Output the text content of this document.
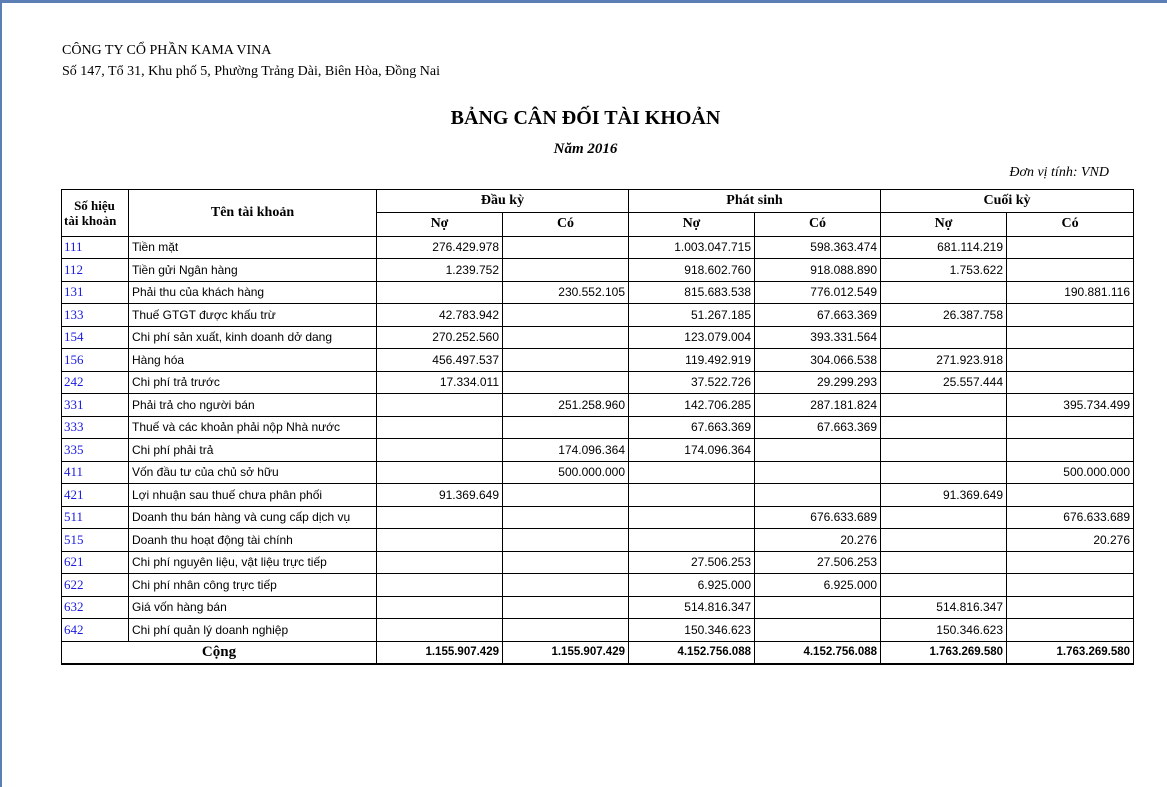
CÔNG TY CỔ PHẦN KAMA VINA
Số 147, Tổ 31, Khu phố 5, Phường Trảng Dài, Biên Hòa, Đồng Nai
BẢNG CÂN ĐỐI TÀI KHOẢN
Năm 2016
Đơn vị tính: VND
Số hiệu
tài khoản	Tên tài khoản	Đầu kỳ		Phát sinh		Cuối kỳ	
		Nợ	Có	Nợ	Có	Nợ	Có
111	Tiền mặt	276.429.978		1.003.047.715	598.363.474	681.114.219	
112	Tiền gửi Ngân hàng	1.239.752		918.602.760	918.088.890	1.753.622	
131	Phải thu của khách hàng		230.552.105	815.683.538	776.012.549		190.881.116
133	Thuế GTGT được khấu trừ	42.783.942		51.267.185	67.663.369	26.387.758	
154	Chi phí sản xuất, kinh doanh dở dang	270.252.560		123.079.004	393.331.564		
156	Hàng hóa	456.497.537		119.492.919	304.066.538	271.923.918	
242	Chi phí trả trước	17.334.011		37.522.726	29.299.293	25.557.444	
331	Phải trả cho người bán		251.258.960	142.706.285	287.181.824		395.734.499
333	Thuế và các khoản phải nộp Nhà nước			67.663.369	67.663.369		
335	Chi phí phải trả		174.096.364	174.096.364			
411	Vốn đầu tư của chủ sở hữu		500.000.000				500.000.000
421	Lợi nhuận sau thuế chưa phân phối	91.369.649				91.369.649	
511	Doanh thu bán hàng và cung cấp dịch vụ				676.633.689		676.633.689
515	Doanh thu hoạt động tài chính				20.276		20.276
621	Chi phí nguyên liệu, vật liệu trực tiếp			27.506.253	27.506.253		
622	Chi phí nhân công trực tiếp			6.925.000	6.925.000		
632	Giá vốn hàng bán			514.816.347		514.816.347	
642	Chi phí quản lý doanh nghiệp			150.346.623		150.346.623	
Cộng		1.155.907.429	1.155.907.429	4.152.756.088	4.152.756.088	1.763.269.580	1.763.269.580
